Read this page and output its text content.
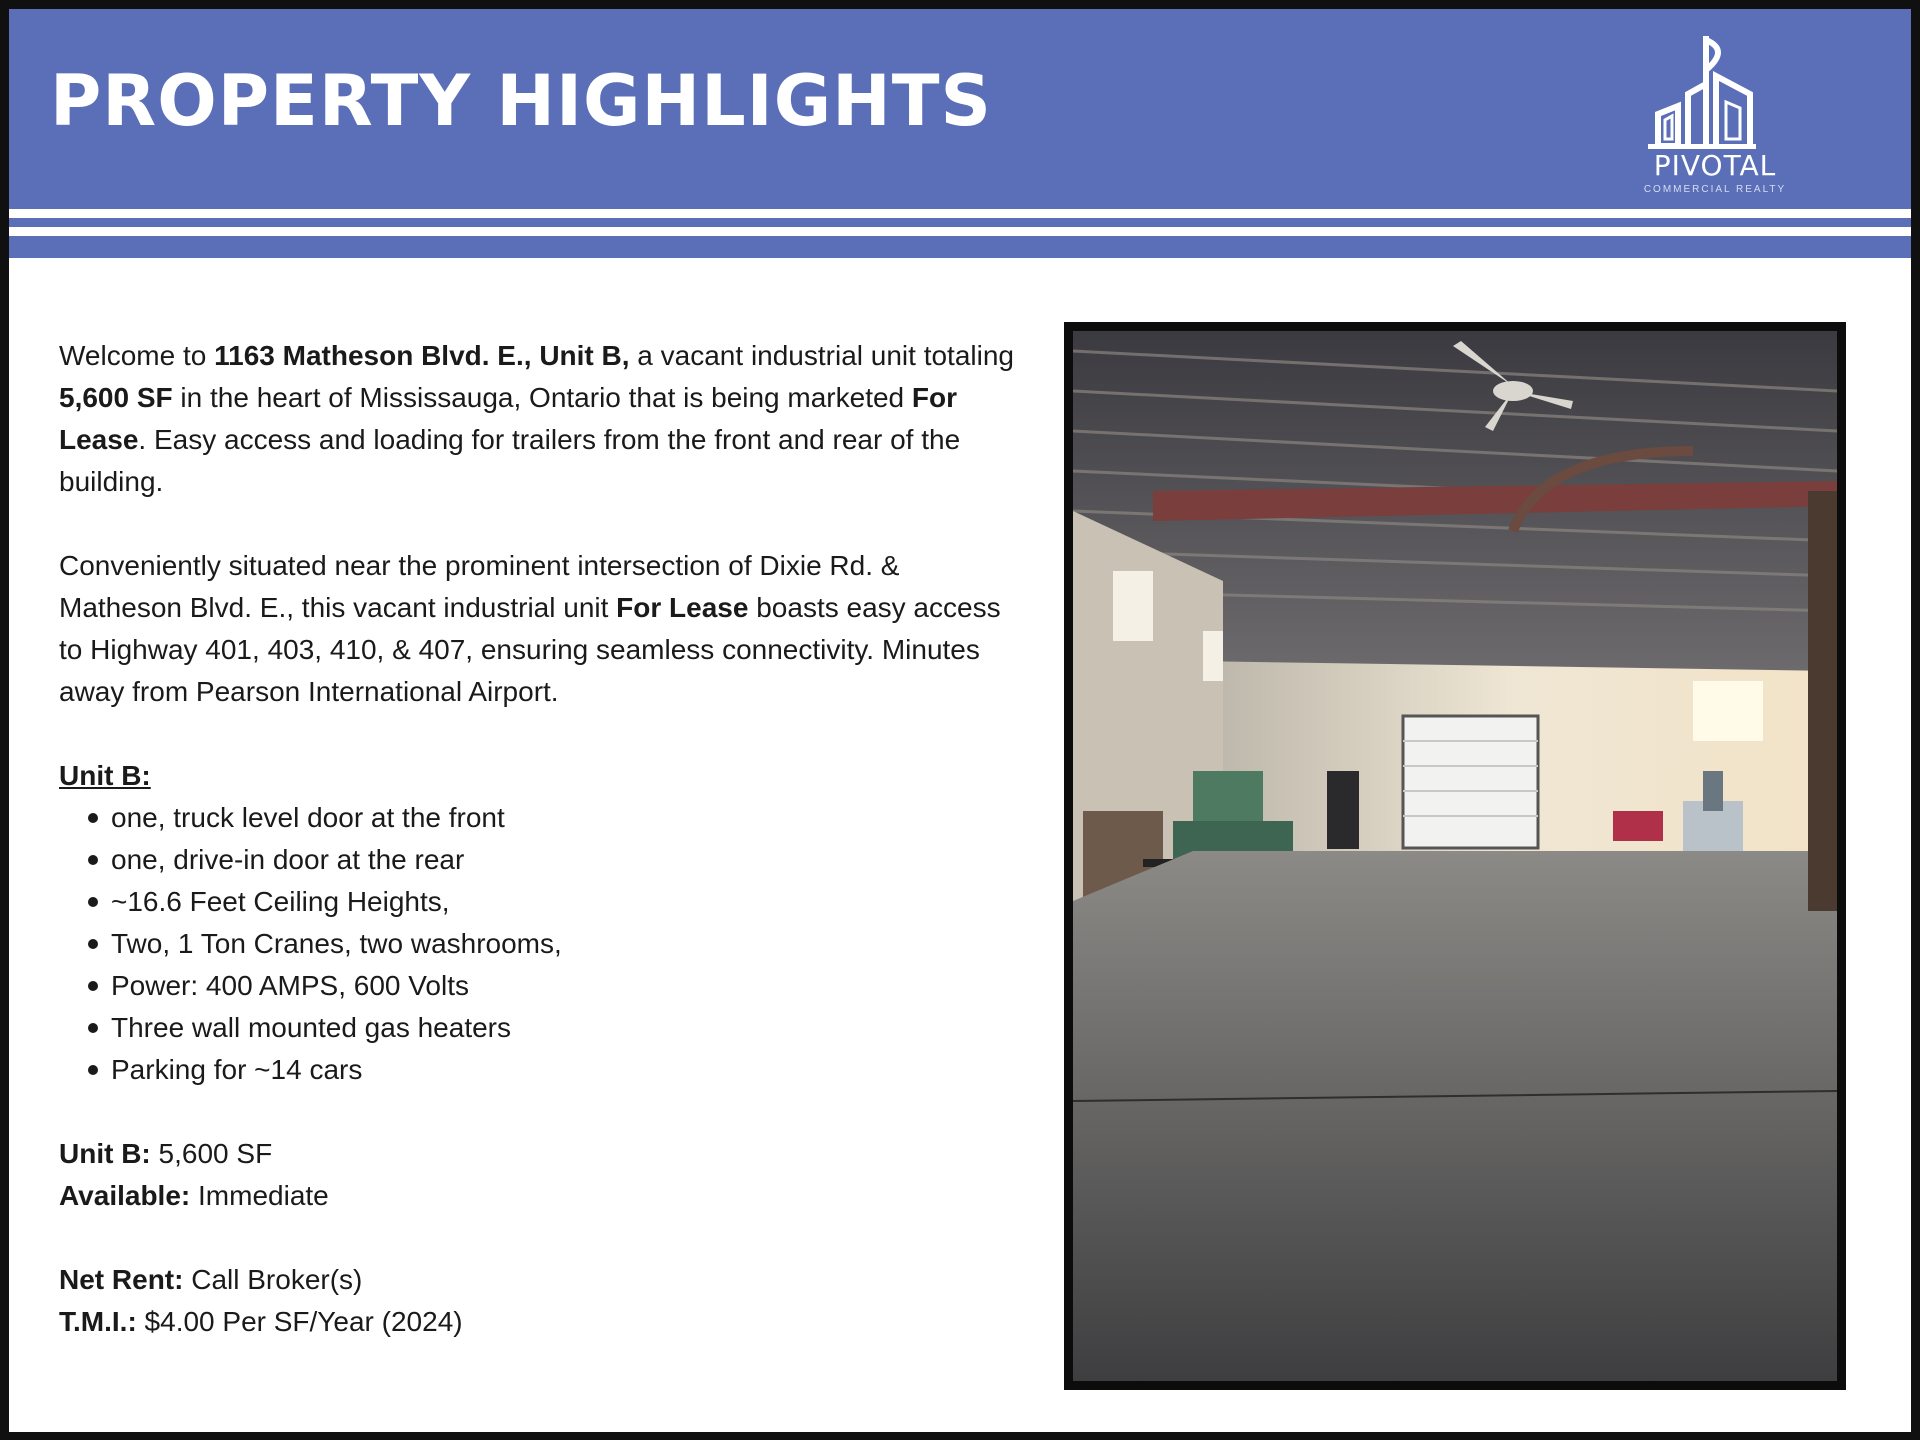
PROPERTY HIGHLIGHTS
PIVOTAL
COMMERCIAL REALTY

Welcome to 1163 Matheson Blvd. E., Unit B, a vacant industrial unit totaling 5,600 SF in the heart of Mississauga, Ontario that is being marketed For Lease. Easy access and loading for trailers from the front and rear of the building.

Conveniently situated near the prominent intersection of Dixie Rd. & Matheson Blvd. E., this vacant industrial unit For Lease boasts easy access to Highway 401, 403, 410, & 407, ensuring seamless connectivity. Minutes away from Pearson International Airport.

Unit B:

one, truck level door at the front
one, drive-in door at the rear
~16.6 Feet Ceiling Heights,
Two, 1 Ton Cranes, two washrooms,
Power: 400 AMPS, 600 Volts
Three wall mounted gas heaters
Parking for ~14 cars

Unit B: 5,600 SF

Available: Immediate

Net Rent: Call Broker(s)

T.M.I.: $4.00 Per SF/Year (2024)
